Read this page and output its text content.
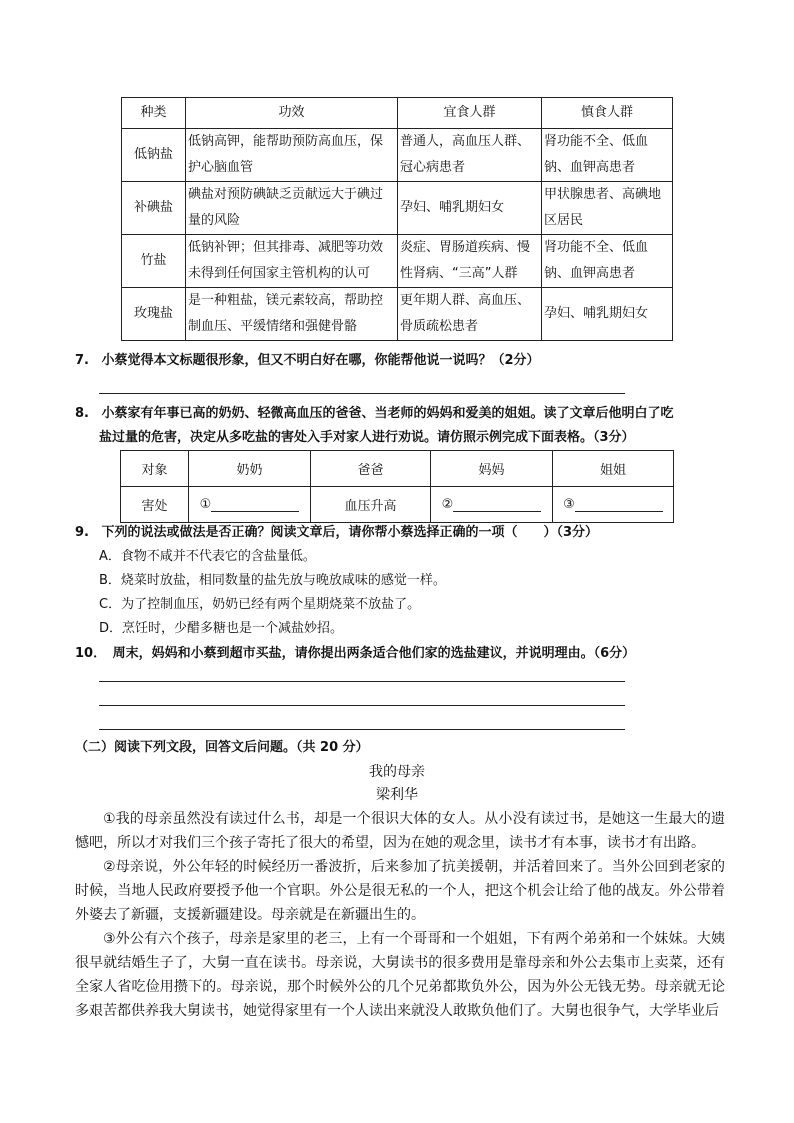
种类	功效	宜食人群	慎食人群
低钠盐	低钠高钾，能帮助预防高血压，保护心脑血管	普通人，高血压人群、冠心病患者	肾功能不全、低血钠、血钾高患者
补碘盐	碘盐对预防碘缺乏贡献远大于碘过量的风险	孕妇、哺乳期妇女	甲状腺患者、高碘地区居民
竹盐	低钠补钾；但其排毒、减肥等功效未得到任何国家主管机构的认可	炎症、胃肠道疾病、慢性肾病、“三高”人群	肾功能不全、低血钠、血钾高患者
玫瑰盐	是一种粗盐，镁元素较高，帮助控制血压、平缓情绪和强健骨骼	更年期人群、高血压、骨质疏松患者	孕妇、哺乳期妇女
7. 小蔡觉得本文标题很形象，但又不明白好在哪，你能帮他说一说吗？（2分）
8. 小蔡家有年事已高的奶奶、轻微高血压的爸爸、当老师的妈妈和爱美的姐姐。读了文章后他明白了吃
盐过量的危害，决定从多吃盐的害处入手对家人进行劝说。请仿照示例完成下面表格。（3分）
对象	奶奶	爸爸	妈妈	姐姐
害处	①	血压升高	②	③
9. 下列的说法或做法是否正确？阅读文章后，请你帮小蔡选择正确的一项（　　）（3分）
A．食物不咸并不代表它的含盐量低。
B．烧菜时放盐，相同数量的盐先放与晚放咸味的感觉一样。
C．为了控制血压，奶奶已经有两个星期烧菜不放盐了。
D．烹饪时，少醋多糖也是一个减盐妙招。
10． 周末，妈妈和小蔡到超市买盐，请你提出两条适合他们家的选盐建议，并说明理由。（6分）
（二）阅读下列文段，回答文后问题。（共 20 分）
我的母亲
梁利华
①我的母亲虽然没有读过什么书，却是一个很识大体的女人。从小没有读过书，是她这一生最大的遗憾吧，所以才对我们三个孩子寄托了很大的希望，因为在她的观念里，读书才有本事，读书才有出路。
②母亲说，外公年轻的时候经历一番波折，后来参加了抗美援朝，并活着回来了。当外公回到老家的时候，当地人民政府要授予他一个官职。外公是很无私的一个人，把这个机会让给了他的战友。外公带着外婆去了新疆，支援新疆建设。母亲就是在新疆出生的。
③外公有六个孩子，母亲是家里的老三，上有一个哥哥和一个姐姐，下有两个弟弟和一个妹妹。大姨很早就结婚生子了，大舅一直在读书。母亲说，大舅读书的很多费用是靠母亲和外公去集市上卖菜，还有全家人省吃俭用攒下的。母亲说，那个时候外公的几个兄弟都欺负外公，因为外公无钱无势。母亲就无论多艰苦都供养我大舅读书，她觉得家里有一个人读出来就没人敢欺负他们了。大舅也很争气，大学毕业后
